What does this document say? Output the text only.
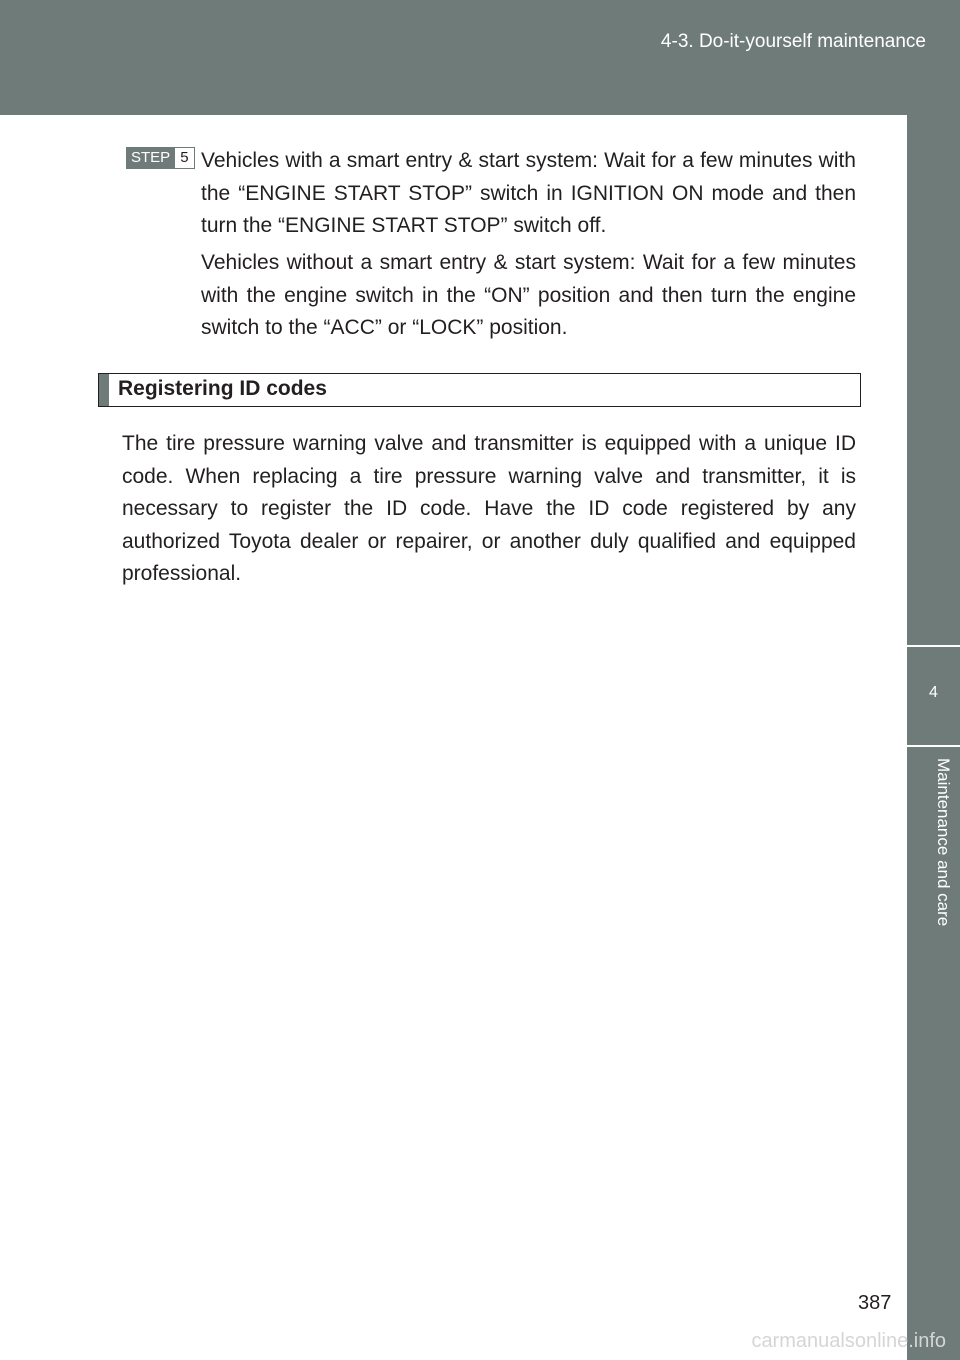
4-3. Do-it-yourself maintenance
4
Maintenance and care
STEP 5 Vehicles with a smart entry & start system: Wait for a few minutes with the “ENGINE START STOP” switch in IGNITION ON mode and then turn the “ENGINE START STOP” switch off.
Vehicles without a smart entry & start system: Wait for a few minutes with the engine switch in the “ON” position and then turn the engine switch to the “ACC” or “LOCK” position.
Registering ID codes
The tire pressure warning valve and transmitter is equipped with a unique ID code. When replacing a tire pressure warning valve and transmitter, it is necessary to register the ID code. Have the ID code registered by any authorized Toyota dealer or repairer, or another duly qualified and equipped professional.
387
carmanualsonline.info
